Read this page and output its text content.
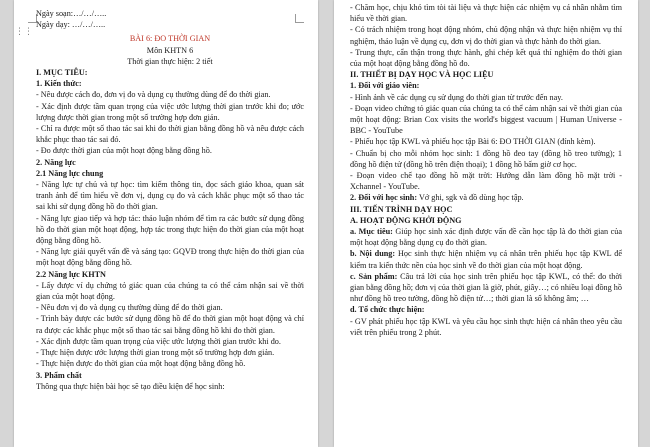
⋮⋮
Ngày soạn:…/…/…..
Ngày dạy: …/…/…..
BÀI 6: ĐO THỜI GIAN
Môn KHTN 6
Thời gian thực hiện: 2 tiết
I. MỤC TIÊU:
1. Kiến thức:
- Nêu được cách đo, đơn vị đo và dụng cụ thường dùng để đo thời gian.
- Xác định được tầm quan trọng của việc ước lượng thời gian trước khi đo; ước lượng được thời gian trong một số trường hợp đơn giản.
- Chỉ ra được một số thao tác sai khi đo thời gian bằng đồng hồ và nêu được cách khắc phục thao tác sai đó.
- Đo được thời gian của một hoạt động bằng đồng hồ.
2. Năng lực
2.1 Năng lực chung
- Năng lực tự chủ và tự học: tìm kiếm thông tin, đọc sách giáo khoa, quan sát tranh ảnh để tìm hiểu về đơn vị, dụng cụ đo và cách khắc phục một số thao tác sai khi sử dụng đồng hồ đo thời gian.
- Năng lực giao tiếp và hợp tác: thảo luận nhóm để tìm ra các bước sử dụng đồng hồ đo thời gian một hoạt động, hợp tác trong thực hiện đo thời gian của một hoạt động bằng đồng hồ.
- Năng lực giải quyết vấn đề và sáng tạo: GQVĐ trong thực hiện đo thời gian của một hoạt động bằng đồng hồ.
2.2 Năng lực KHTN
- Lấy được ví dụ chứng tỏ giác quan của chúng ta có thể cảm nhận sai về thời gian của một hoạt động.
- Nêu đơn vị đo và dụng cụ thường dùng để đo thời gian.
- Trình bày được các bước sử dụng đồng hồ để đo thời gian một hoạt động và chỉ ra được các khắc phục một số thao tác sai bằng đồng hồ khi đo thời gian.
- Xác định được tầm quan trọng của việc ước lượng thời gian trước khi đo.
- Thực hiện được ước lượng thời gian trong một số trường hợp đơn giản.
- Thực hiện được đo thời gian của một hoạt động bằng đồng hồ.
3. Phẩm chất
Thông qua thực hiện bài học sẽ tạo điều kiện để học sinh:
- Chăm học, chịu khó tìm tòi tài liệu và thực hiện các nhiệm vụ cá nhân nhằm tìm hiểu về thời gian.
- Có trách nhiệm trong hoạt động nhóm, chủ động nhận và thực hiện nhiệm vụ thí nghiệm, thảo luận về dụng cụ, đơn vị đo thời gian và thực hành đo thời gian.
- Trung thực, cẩn thận trong thực hành, ghi chép kết quả thí nghiệm đo thời gian của một hoạt động bằng đồng hồ đo.
II. THIẾT BỊ DẠY HỌC VÀ HỌC LIỆU
1. Đối với giáo viên:
- Hình ảnh về các dụng cụ sử dụng đo thời gian từ trước đến nay.
- Đoạn video chứng tỏ giác quan của chúng ta có thể cảm nhận sai về thời gian của một hoạt động: Brian Cox visits the world's biggest vacuum | Human Universe - BBC - YouTube
- Phiếu học tập KWL và phiếu học tập Bài 6: ĐO THỜI GIAN (đính kèm).
- Chuẩn bị cho mỗi nhóm học sinh: 1 đồng hồ đeo tay (đồng hồ treo tường); 1 đồng hồ điện tử (đồng hồ trên điện thoại); 1 đồng hồ bấm giờ cơ học.
- Đoạn video chế tạo đồng hồ mặt trời: Hướng dẫn làm đồng hồ mặt trời - Xchannel - YouTube.
2. Đối với học sinh: Vở ghi, sgk và đồ dùng học tập.
III. TIẾN TRÌNH DẠY HỌC
A. HOẠT ĐỘNG KHỞI ĐỘNG
a. Mục tiêu: Giúp học sinh xác định được vấn đề cần học tập là đo thời gian của một hoạt động bằng dụng cụ đo thời gian.
b. Nội dung: Học sinh thực hiện nhiệm vụ cá nhân trên phiếu học tập KWL để kiểm tra kiến thức nền của học sinh về đo thời gian của một hoạt động.
c. Sản phẩm: Câu trả lời của học sinh trên phiếu học tập KWL, có thể: đo thời gian bằng đồng hồ; đơn vị của thời gian là giờ, phút, giây…; có nhiều loại đồng hồ như đồng hồ treo tường, đồng hồ điện tử…; thời gian là số không âm; …
d. Tổ chức thực hiện:
- GV phát phiếu học tập KWL và yêu cầu học sinh thực hiện cá nhân theo yêu cầu viết trên phiếu trong 2 phút.
